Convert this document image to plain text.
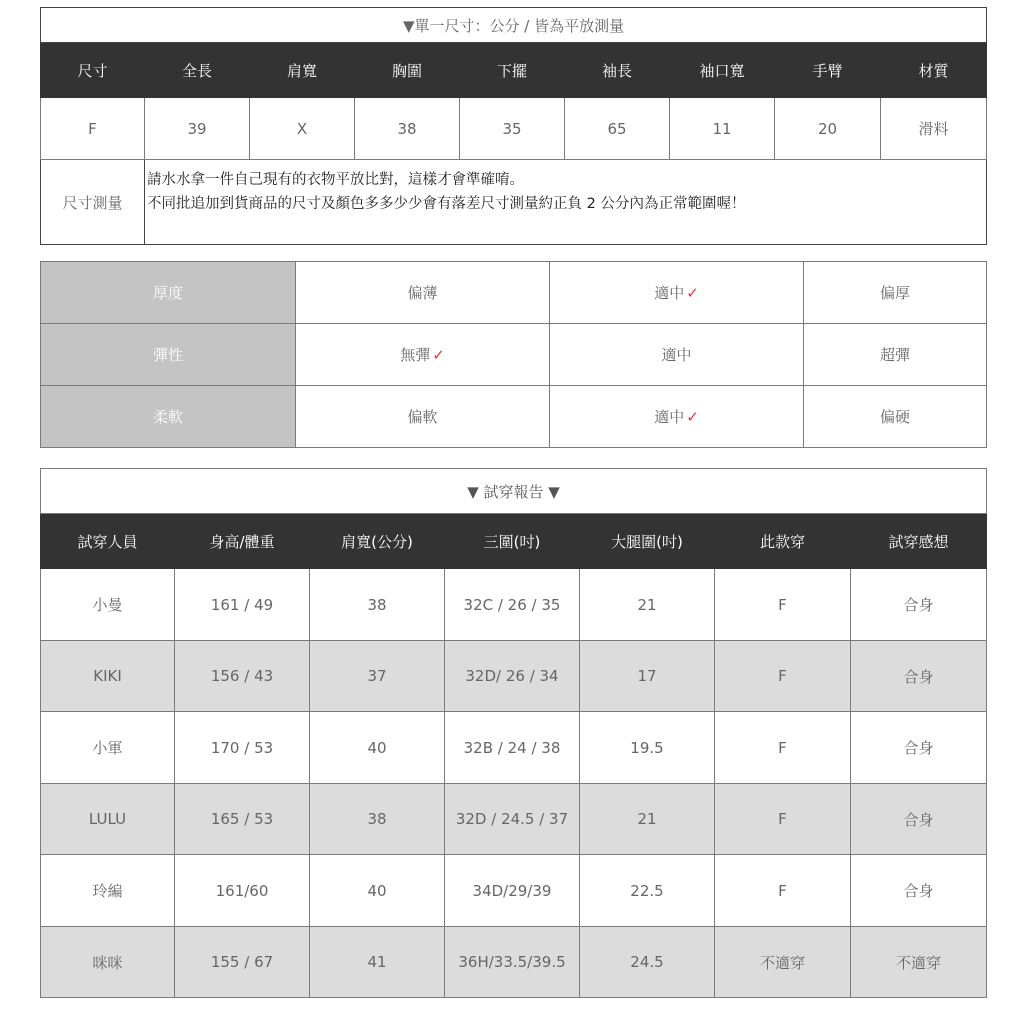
▼單一尺寸：公分 / 皆為平放測量								
尺寸	全長	肩寬	胸圍	下擺	袖長	袖口寬	手臂	材質
F	39	X	38	35	65	11	20	滑料
尺寸測量	請水水拿一件自己現有的衣物平放比對，這樣才會準確唷。
不同批追加到貨商品的尺寸及顏色多多少少會有落差尺寸測量約正負 2 公分內為正常範圍喔！							
厚度	偏薄	適中 ✓	偏厚
彈性	無彈 ✓	適中	超彈
柔軟	偏軟	適中 ✓	偏硬
▼ 試穿報告 ▼						
試穿人員	身高/體重	肩寬(公分)	三圍(吋)	大腿圍(吋)	此款穿	試穿感想
小曼	161 / 49	38	32C / 26 / 35	21	F	合身
KIKI	156 / 43	37	32D/ 26 / 34	17	F	合身
小軍	170 / 53	40	32B / 24 / 38	19.5	F	合身
LULU	165 / 53	38	32D / 24.5 / 37	21	F	合身
玲編	161/60	40	34D/29/39	22.5	F	合身
咪咪	155 / 67	41	36H/33.5/39.5	24.5	不適穿	不適穿
